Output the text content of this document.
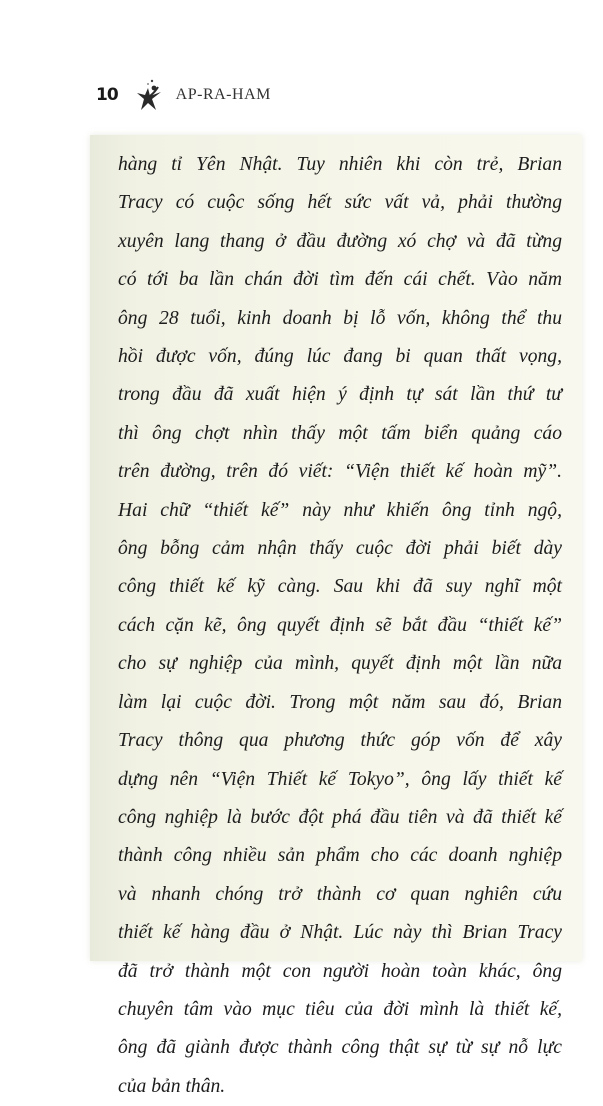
10	AP-RA-HAM
hàng tỉ Yên Nhật. Tuy nhiên khi còn trẻ, Brian
Tracy có cuộc sống hết sức vất vả, phải thường
xuyên lang thang ở đầu đường xó chợ và đã từng
có tới ba lần chán đời tìm đến cái chết. Vào năm
ông 28 tuổi, kinh doanh bị lỗ vốn, không thể thu
hồi được vốn, đúng lúc đang bi quan thất vọng,
trong đầu đã xuất hiện ý định tự sát lần thứ tư
thì ông chợt nhìn thấy một tấm biển quảng cáo
trên đường, trên đó viết: “Viện thiết kế hoàn mỹ”.
Hai chữ “thiết kế” này như khiến ông tỉnh ngộ,
ông bỗng cảm nhận thấy cuộc đời phải biết dày
công thiết kế kỹ càng. Sau khi đã suy nghĩ một
cách cặn kẽ, ông quyết định sẽ bắt đầu “thiết kế”
cho sự nghiệp của mình, quyết định một lần nữa
làm lại cuộc đời. Trong một năm sau đó, Brian
Tracy thông qua phương thức góp vốn để xây
dựng nên “Viện Thiết kế Tokyo”, ông lấy thiết kế
công nghiệp là bước đột phá đầu tiên và đã thiết kế
thành công nhiều sản phẩm cho các doanh nghiệp
và nhanh chóng trở thành cơ quan nghiên cứu
thiết kế hàng đầu ở Nhật. Lúc này thì Brian Tracy
đã trở thành một con người hoàn toàn khác, ông
chuyên tâm vào mục tiêu của đời mình là thiết kế,
ông đã giành được thành công thật sự từ sự nỗ lực
của bản thân.
